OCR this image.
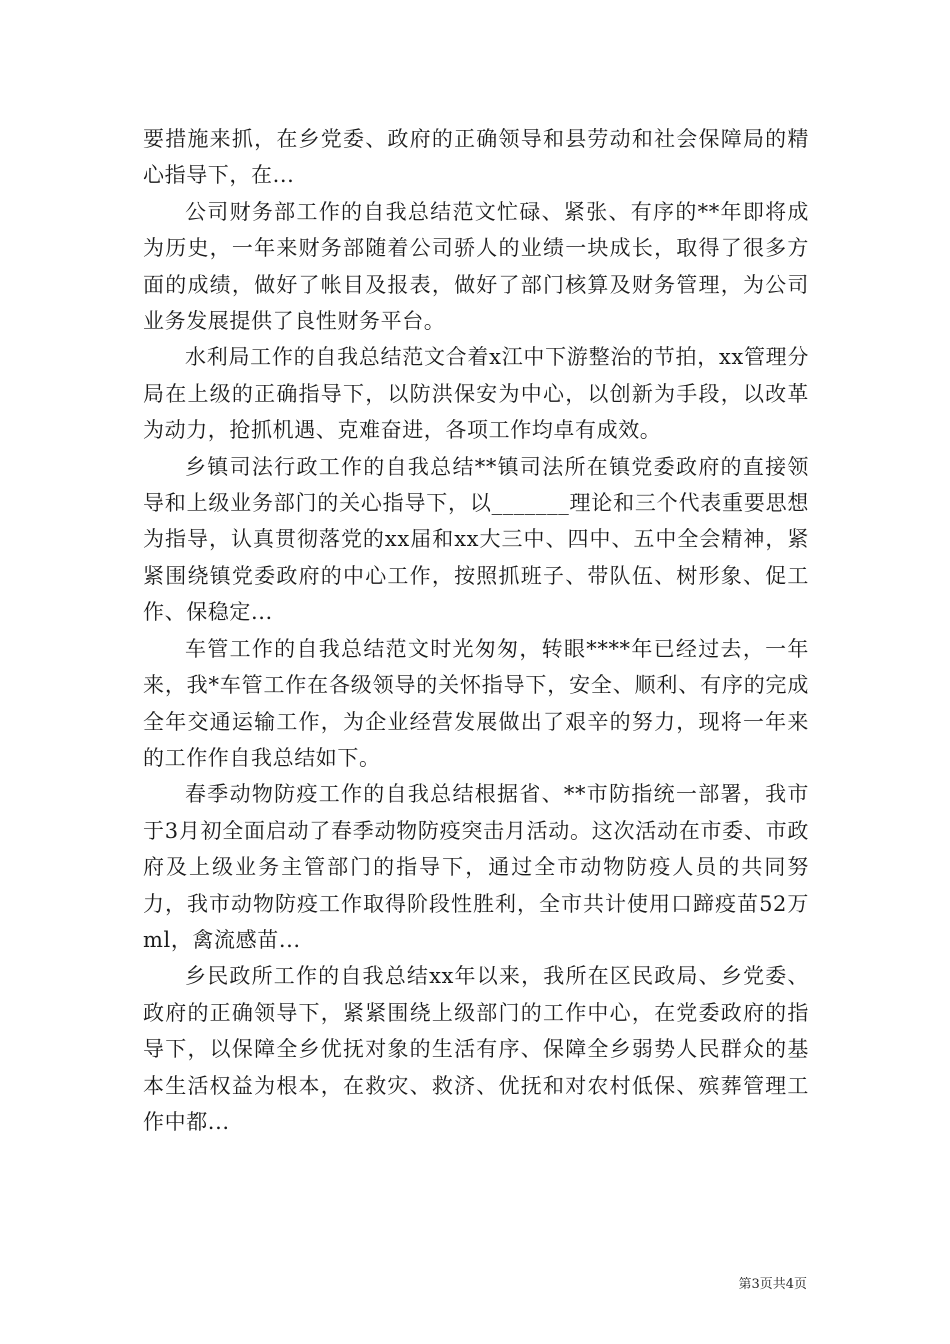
要措施来抓，在乡党委、政府的正确领导和县劳动和社会保障局的精心指导下，在...

公司财务部工作的自我总结范文忙碌、紧张、有序的**年即将成为历史，一年来财务部随着公司骄人的业绩一块成长，取得了很多方面的成绩，做好了帐目及报表，做好了部门核算及财务管理，为公司业务发展提供了良性财务平台。

水利局工作的自我总结范文合着x江中下游整治的节拍，xx管理分局在上级的正确指导下，以防洪保安为中心，以创新为手段，以改革为动力，抢抓机遇、克难奋进，各项工作均卓有成效。

乡镇司法行政工作的自我总结**镇司法所在镇党委政府的直接领导和上级业务部门的关心指导下，以_______理论和三个代表重要思想为指导，认真贯彻落党的xx届和xx大三中、四中、五中全会精神，紧紧围绕镇党委政府的中心工作，按照抓班子、带队伍、树形象、促工作、保稳定...

车管工作的自我总结范文时光匆匆，转眼****年已经过去，一年来，我*车管工作在各级领导的关怀指导下，安全、顺利、有序的完成全年交通运输工作，为企业经营发展做出了艰辛的努力，现将一年来的工作作自我总结如下。

春季动物防疫工作的自我总结根据省、**市防指统一部署，我市于3月初全面启动了春季动物防疫突击月活动。这次活动在市委、市政府及上级业务主管部门的指导下，通过全市动物防疫人员的共同努力，我市动物防疫工作取得阶段性胜利，全市共计使用口蹄疫苗52万ml，禽流感苗...

乡民政所工作的自我总结xx年以来，我所在区民政局、乡党委、政府的正确领导下，紧紧围绕上级部门的工作中心，在党委政府的指导下，以保障全乡优抚对象的生活有序、保障全乡弱势人民群众的基本生活权益为根本，在救灾、救济、优抚和对农村低保、殡葬管理工作中都...

第3页共4页
